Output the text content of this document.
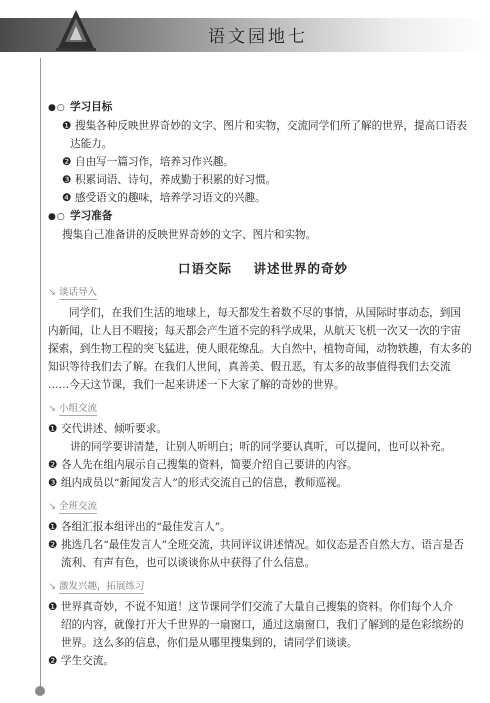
语文园地七
●○ 学习目标
❶ 搜集各种反映世界奇妙的文字、图片和实物，交流同学们所了解的世界，提高口语表
达能力。
❷ 自由写一篇习作，培养习作兴趣。
❸ 积累词语、诗句，养成勤于积累的好习惯。
❹ 感受语文的趣味，培养学习语文的兴趣。
●○ 学习准备
搜集自己准备讲的反映世界奇妙的文字、图片和实物。
口语交际    讲述世界的奇妙
↘ 谈话导入
同学们，在我们生活的地球上，每天都发生着数不尽的事情，从国际时事动态，到国
内新闻，让人目不暇接；每天都会产生道不完的科学成果，从航天飞机一次又一次的宇宙
探索，到生物工程的突飞猛进，使人眼花缭乱。大自然中，植物奇闻，动物轶趣，有太多的
知识等待我们去了解。在我们人世间，真善美、假丑恶，有太多的故事值得我们去交流
……今天这节课，我们一起来讲述一下大家了解的奇妙的世界。
↘ 小组交流
❶ 交代讲述、倾听要求。
讲的同学要讲清楚，让别人听明白；听的同学要认真听，可以提问，也可以补充。
❷ 各人先在组内展示自己搜集的资料，简要介绍自己要讲的内容。
❸ 组内成员以“新闻发言人”的形式交流自己的信息，教师巡视。
↘ 全班交流
❶ 各组汇报本组评出的“最佳发言人”。
❷ 挑选几名“最佳发言人”全班交流，共同评议讲述情况。如仪态是否自然大方、语言是否
流利、有声有色，也可以谈谈你从中获得了什么信息。
↘ 激发兴趣，拓展练习
❶ 世界真奇妙，不说不知道！这节课同学们交流了大量自己搜集的资料。你们每个人介
绍的内容，就像打开大千世界的一扇窗口，通过这扇窗口，我们了解到的是色彩缤纷的
世界。这么多的信息，你们是从哪里搜集到的，请同学们谈谈。
❷ 学生交流。
